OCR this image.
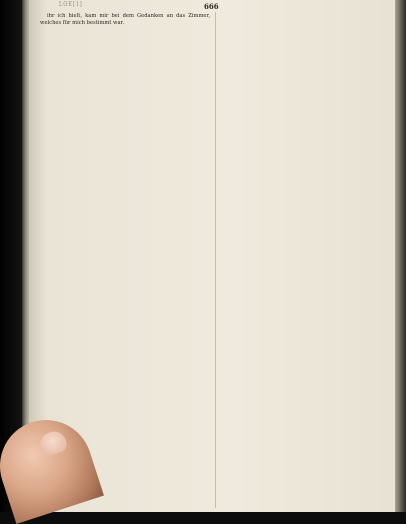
LOE[1]	666

ihr ich hielt, kam mir bei dem Gedanken an das Zimmer, welches für mich bestimmt war.
